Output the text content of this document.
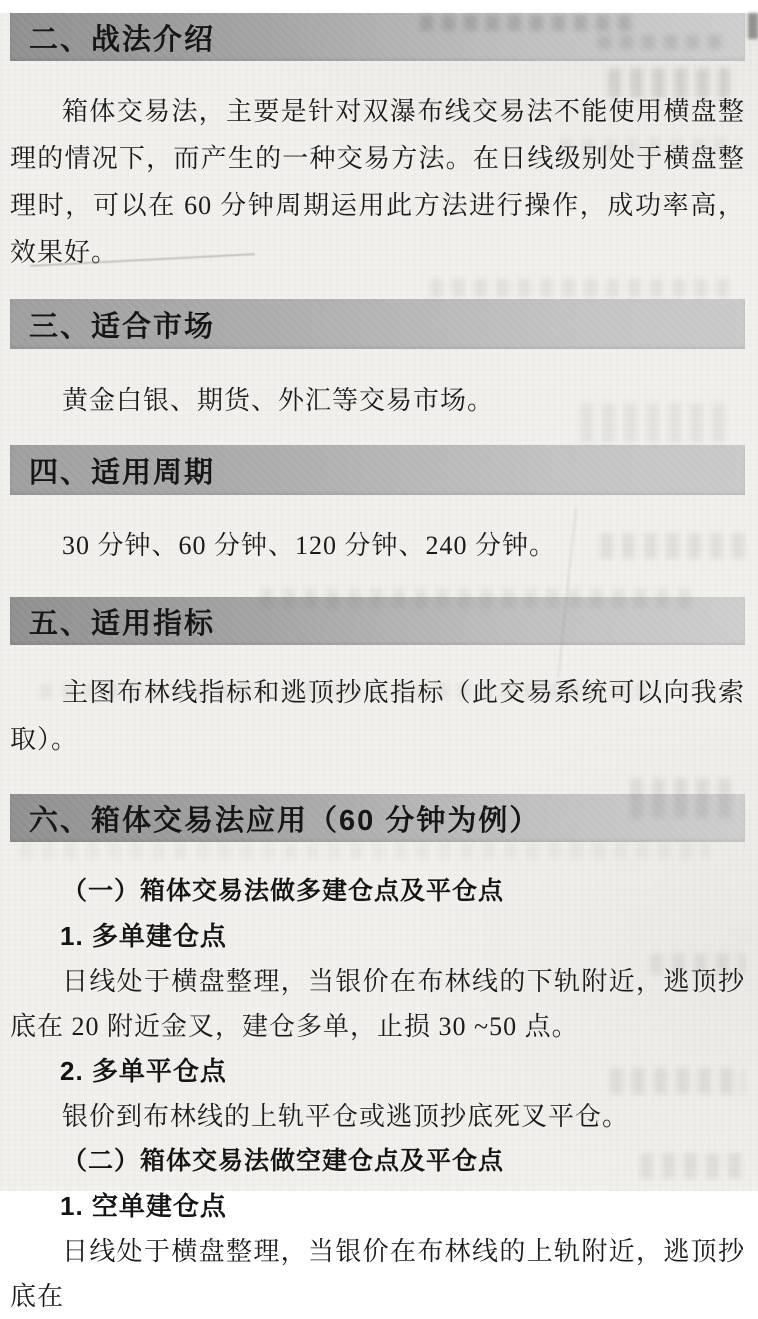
二、战法介绍

箱体交易法，主要是针对双瀑布线交易法不能使用横盘整理的情况下，而产生的一种交易方法。在日线级别处于横盘整理时，可以在 60 分钟周期运用此方法进行操作，成功率高，效果好。

三、适合市场

黄金白银、期货、外汇等交易市场。

四、适用周期

30 分钟、60 分钟、120 分钟、240 分钟。

五、适用指标

主图布林线指标和逃顶抄底指标（此交易系统可以向我索取）。

六、箱体交易法应用（60 分钟为例）
（一）箱体交易法做多建仓点及平仓点
1. 多单建仓点

日线处于横盘整理，当银价在布林线的下轨附近，逃顶抄底在 20 附近金叉，建仓多单，止损 30 ~50 点。

2. 多单平仓点

银价到布林线的上轨平仓或逃顶抄底死叉平仓。

（二）箱体交易法做空建仓点及平仓点
1. 空单建仓点

日线处于横盘整理，当银价在布林线的上轨附近，逃顶抄底在
